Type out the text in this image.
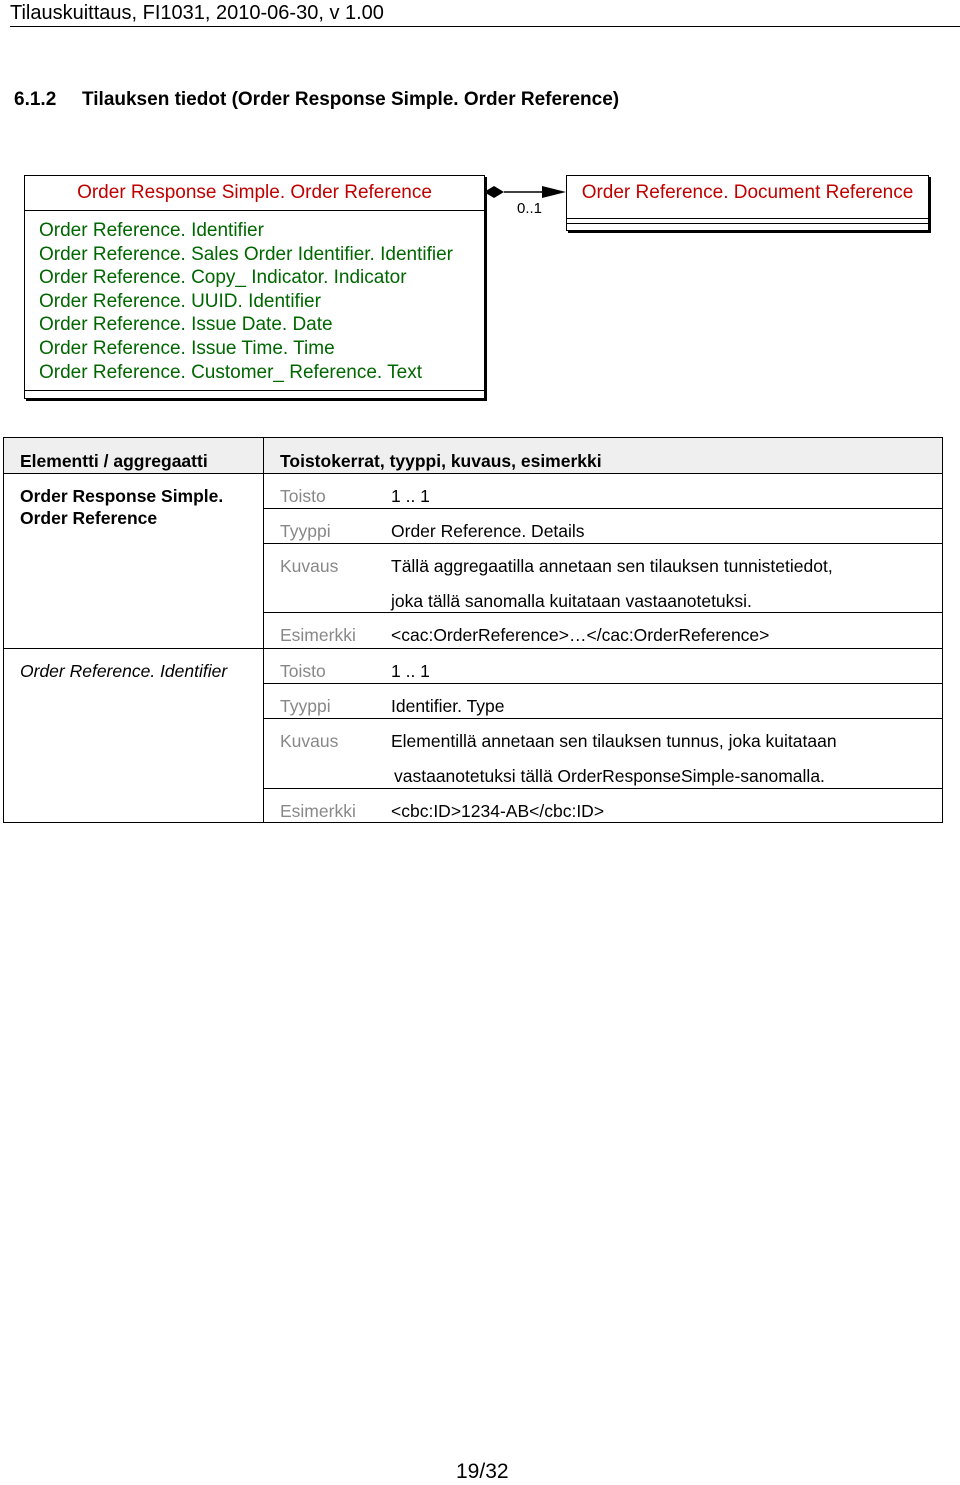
Tilauskuittaus, FI1031, 2010-06-30, v 1.00
6.1.2 Tilauksen tiedot (Order Response Simple. Order Reference)
Order Response Simple. Order Reference
Order Reference. Identifier
Order Reference. Sales Order Identifier. Identifier
Order Reference. Copy_ Indicator. Indicator
Order Reference. UUID. Identifier
Order Reference. Issue Date. Date
Order Reference. Issue Time. Time
Order Reference. Customer_ Reference. Text
0..1
Order Reference. Document Reference
Elementti / aggregaatti	Toistokerrat, tyyppi, kuvaus, esimerkki
Order Response Simple.
Order Reference
Toisto	1 .. 1
Tyyppi	Order Reference. Details
Kuvaus	Tällä aggregaatilla annetaan sen tilauksen tunnistetiedot,
joka tällä sanomalla kuitataan vastaanotetuksi.
Esimerkki <cac:OrderReference>…</cac:OrderReference>
Order Reference. Identifier	Toisto	1 .. 1
Tyyppi	Identifier. Type
Kuvaus	Elementillä annetaan sen tilauksen tunnus, joka kuitataan
vastaanotetuksi tällä OrderResponseSimple-sanomalla.
Esimerkki <cbc:ID>1234-AB</cbc:ID>
19/32
